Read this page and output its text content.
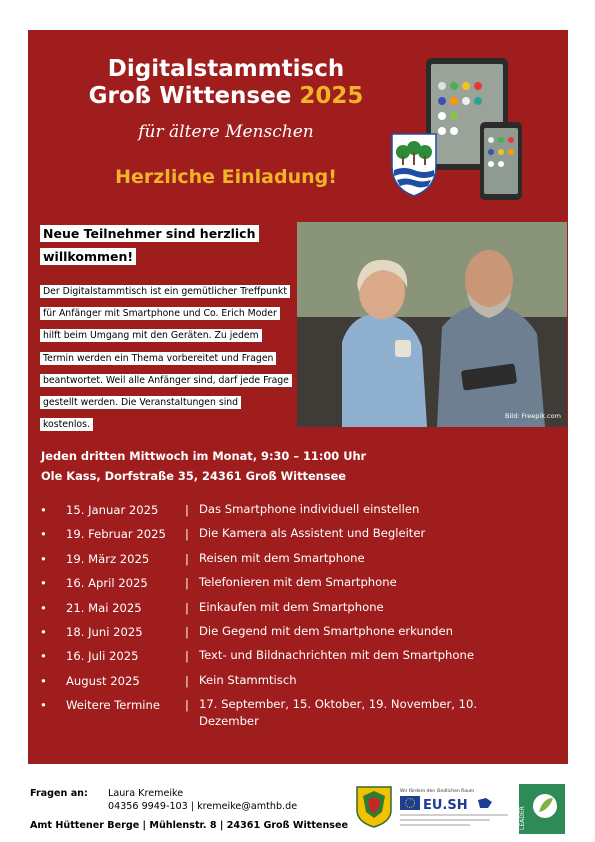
Digitalstammtisch
Groß Wittensee 2025
für ältere Menschen
Herzliche Einladung!
Neue Teilnehmer sind herzlich willkommen!
Der Digitalstammtisch ist ein gemütlicher Treffpunkt für Anfänger mit Smartphone und Co. Erich Moder hilft beim Umgang mit den Geräten. Zu jedem Termin werden ein Thema vorbereitet und Fragen beantwortet. Weil alle Anfänger sind, darf jede Frage gestellt werden. Die Veranstaltungen sind kostenlos.
Bild: Freepik.com
Jeden dritten Mittwoch im Monat, 9:30 – 11:00 Uhr
Ole Kass, Dorfstraße 35, 24361 Groß Wittensee
• 15. Januar 2025 | Das Smartphone individuell einstellen
• 19. Februar 2025 | Die Kamera als Assistent und Begleiter
• 19. März 2025	| Reisen mit dem Smartphone
• 16. April 2025	| Telefonieren mit dem Smartphone
• 21. Mai 2025	| Einkaufen mit dem Smartphone
• 18. Juni 2025	| Die Gegend mit dem Smartphone erkunden
• 16. Juli 2025	| Text- und Bildnachrichten mit dem Smartphone
• August 2025	| Kein Stammtisch
• Weitere Termine | 17. September, 15. Oktober, 19. November, 10. Dezember
Fragen an: Laura Kremeike
04356 9949-103 | kremeike@amthb.de
Amt Hüttener Berge | Mühlenstr. 8 | 24361 Groß Wittensee
Wir fördern den ländlichen Raum
EU.SH
LEADER
